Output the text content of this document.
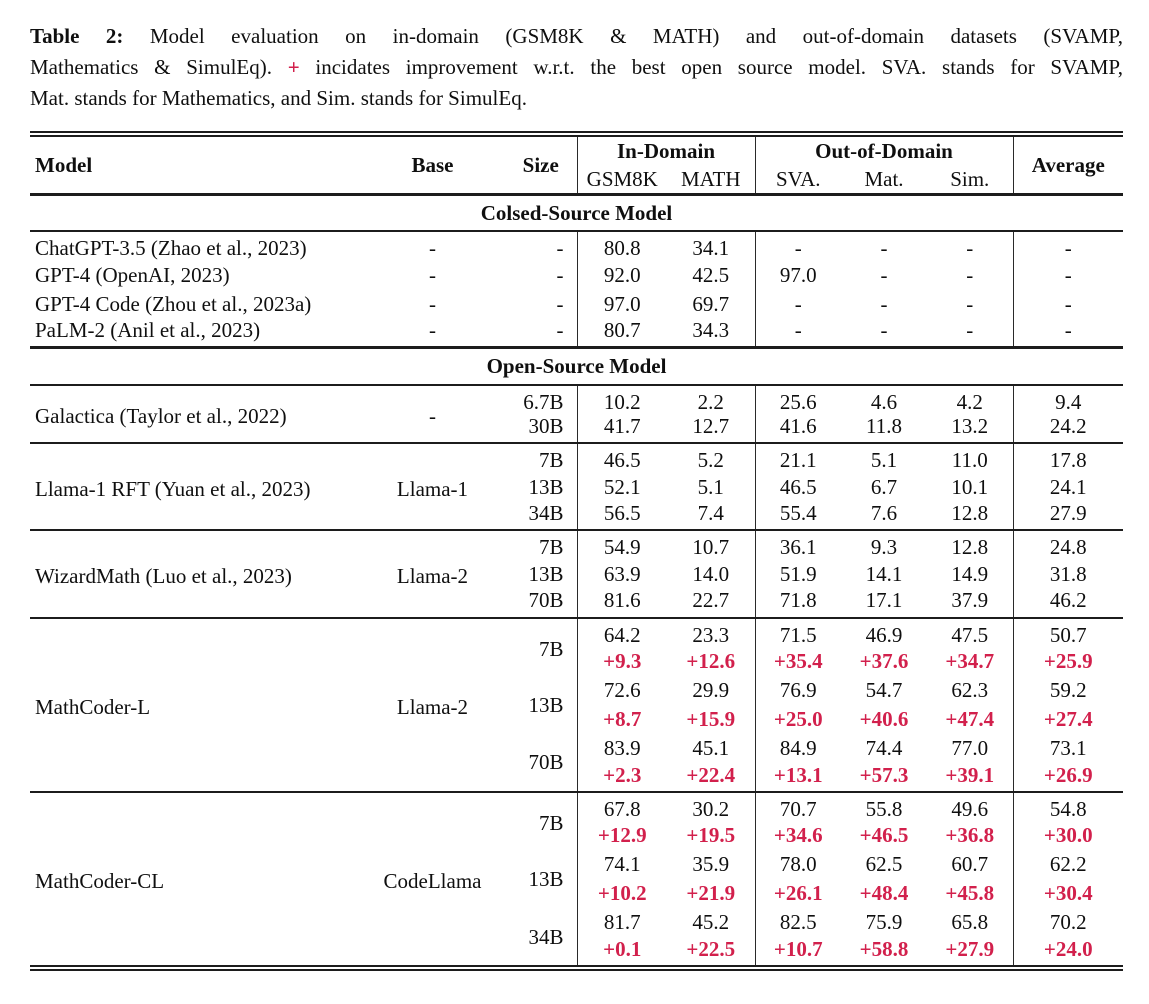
Table 2: Model evaluation on in-domain (GSM8K & MATH) and out-of-domain datasets (SVAMP,
Mathematics & SimulEq). + incidates improvement w.r.t. the best open source model. SVA. stands for SVAMP,
Mat. stands for Mathematics, and Sim. stands for SimulEq.
Model	Base	Size	In-Domain		Out-of-Domain			Average
			GSM8K	MATH	SVA.	Mat.	Sim.	
Colsed-Source Model								
ChatGPT-3.5 (Zhao et al., 2023)	-	-	80.8	34.1	-	-	-	-
GPT-4 (OpenAI, 2023)	-	-	92.0	42.5	97.0	-	-	-
GPT-4 Code (Zhou et al., 2023a)	-	-	97.0	69.7	-	-	-	-
PaLM-2 (Anil et al., 2023)	-	-	80.7	34.3	-	-	-	-
Open-Source Model								
Galactica (Taylor et al., 2022)	-	6.7B	10.2	2.2	25.6	4.6	4.2	9.4
		30B	41.7	12.7	41.6	11.8	13.2	24.2
Llama-1 RFT (Yuan et al., 2023)	Llama-1	7B	46.5	5.2	21.1	5.1	11.0	17.8
		13B	52.1	5.1	46.5	6.7	10.1	24.1
		34B	56.5	7.4	55.4	7.6	12.8	27.9
WizardMath (Luo et al., 2023)	Llama-2	7B	54.9	10.7	36.1	9.3	12.8	24.8
		13B	63.9	14.0	51.9	14.1	14.9	31.8
		70B	81.6	22.7	71.8	17.1	37.9	46.2
MathCoder-L	Llama-2	7B	64.2	23.3	71.5	46.9	47.5	50.7
			+9.3	+12.6	+35.4	+37.6	+34.7	+25.9
		13B	72.6	29.9	76.9	54.7	62.3	59.2
			+8.7	+15.9	+25.0	+40.6	+47.4	+27.4
		70B	83.9	45.1	84.9	74.4	77.0	73.1
			+2.3	+22.4	+13.1	+57.3	+39.1	+26.9
MathCoder-CL	CodeLlama	7B	67.8	30.2	70.7	55.8	49.6	54.8
			+12.9	+19.5	+34.6	+46.5	+36.8	+30.0
		13B	74.1	35.9	78.0	62.5	60.7	62.2
			+10.2	+21.9	+26.1	+48.4	+45.8	+30.4
		34B	81.7	45.2	82.5	75.9	65.8	70.2
			+0.1	+22.5	+10.7	+58.8	+27.9	+24.0
